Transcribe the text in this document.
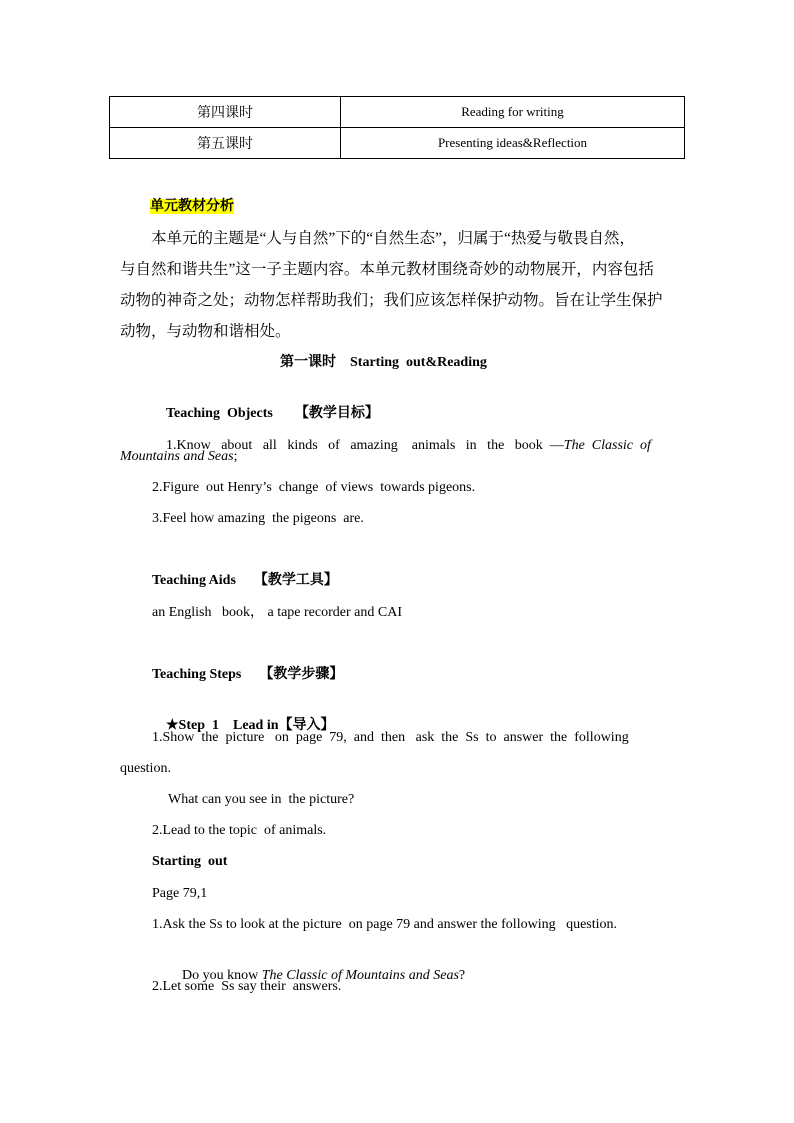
第四课时	Reading for writing
第五课时	Presenting ideas&Reflection
单元教材分析
本单元的主题是“人与自然”下的“自然生态”，归属于“热爱与敬畏自然，
与自然和谐共生”这一子主题内容。本单元教材围绕奇妙的动物展开，内容包括
动物的神奇之处；动物怎样帮助我们；我们应该怎样保护动物。旨在让学生保护
动物，与动物和谐相处。
第一课时    Starting  out&Reading

Teaching  Objects 【教学目标】

1.Know   about   all   kinds   of   amazing    animals   in   the   book  —The  Classic  of

Mountains and Seas;
2.Figure  out Henry’s  change  of views  towards pigeons.
3.Feel how amazing  the pigeons  are.
Teaching Aids 【教学工具】
an English   book， a tape recorder and CAI
Teaching Steps 【教学步骤】

★Step  1    Lead in【导入】

1.Show  the  picture   on  page  79,  and  then   ask  the  Ss  to  answer  the  following
question.
What can you see in  the picture?
2.Lead to the topic  of animals.
Starting  out
Page 79,1
1.Ask the Ss to look at the picture  on page 79 and answer the following   question.

Do you know The Classic of Mountains and Seas?

2.Let some  Ss say their  answers.
